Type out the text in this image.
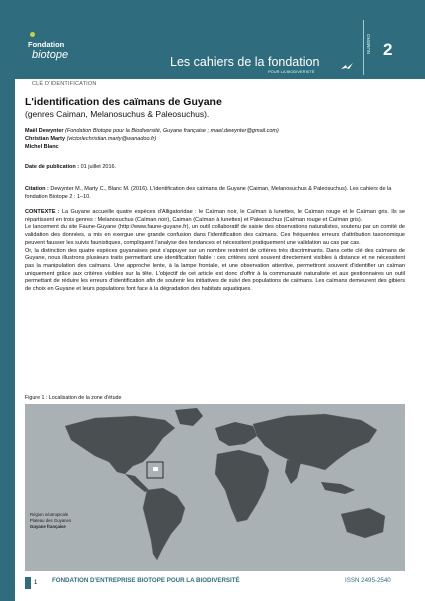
Fondation
biotope	Les cahiers de la fondation
POUR LA BIODIVERSITÉ
NUMÉRO 2
CLÉ D'IDENTIFICATION
L'identification des caïmans de Guyane
(genres Caiman, Melanosuchus & Paleosuchus).
Maël Dewynter (Fondation Biotope pour la Biodiversité, Guyane française ; mael.dewynter@gmail.com)
Christian Marty (victorlechristian.marty@wanadoo.fr)
Michel Blanc
Date de publication : 01 juillet 2016.
Citation : Dewynter M., Marty C., Blanc M. (2016). L'identification des caïmans de Guyane (Caiman, Melanosuchus & Paleosuchus). Les cahiers de la fondation Biotope 2 : 1–10.

CONTEXTE : La Guyane accueille quatre espèces d'Alligatoridae : le Caïman noir, le Caïman à lunettes, le Caïman rouge et le Caïman gris. Ils se répartissent en trois genres : Melanosuchus (Caïman noir), Caiman (Caïman à lunettes) et Paleosuchus (Caïman rouge et Caïman gris).

Le lancement du site Faune-Guyane (http://www.faune-guyane.fr), un outil collaboratif de saisie des observations naturalistes, soutenu par un comité de validation des données, a mis en exergue une grande confusion dans l'identification des caïmans. Ces fréquentes erreurs d'attribution taxonomique peuvent fausser les suivis faunistiques, compliquent l'analyse des tendances et nécessitent pratiquement une validation au cas par cas.

Or, la distinction des quatre espèces guyanaises peut s'appuyer sur un nombre restreint de critères très discriminants. Dans cette clé des caïmans de Guyane, nous illustrons plusieurs traits permettant une identification fiable : ces critères sont souvent directement visibles à distance et ne nécessitent pas la manipulation des caïmans. Une approche lente, à la lampe frontale, et une observation attentive, permettront souvent d'identifier un caïman uniquement grâce aux critères visibles sur la tête. L'objectif de cet article est donc d'offrir à la communauté naturaliste et aux gestionnaires un outil permettant de réduire les erreurs d'identification afin de soutenir les initiatives de suivi des populations de caïmans. Les caïmans demeurent des gibiers de choix en Guyane et leurs populations font face à la dégradation des habitats aquatiques.

Figure 1 : Localisation de la zone d'étude
Région néotropicale
Plateau des Guyanes
Guyane française
1 FONDATION D'ENTREPRISE BIOTOPE POUR LA BIODIVERSITÉ	ISSN 2495-2540
